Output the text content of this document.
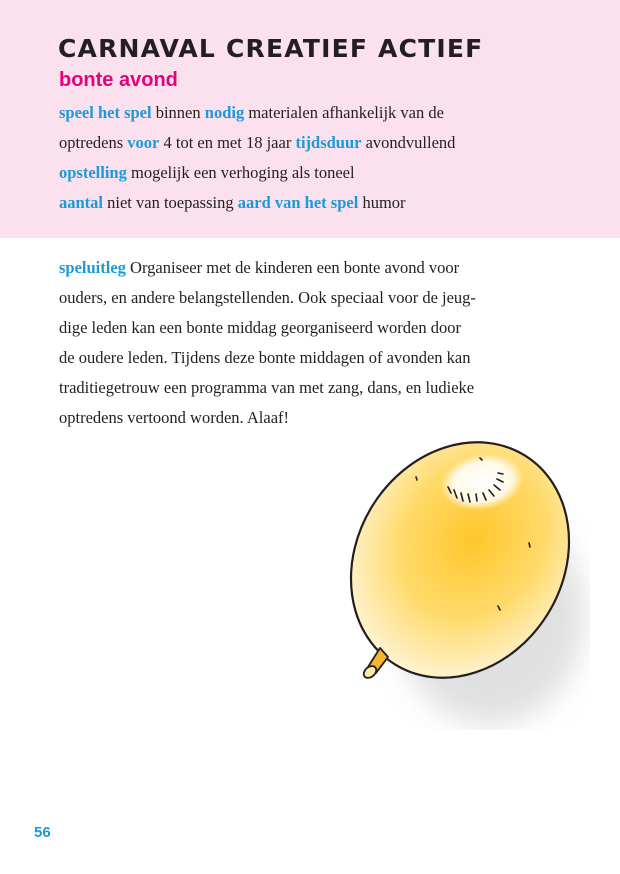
CARNAVAL CREATIEF ACTIEF
bonte avond

speel het spel binnen nodig materialen afhankelijk van de

optredens voor 4 tot en met 18 jaar tijdsduur avondvullend

opstelling mogelijk een verhoging als toneel

aantal niet van toepassing aard van het spel humor

speluitleg Organiseer met de kinderen een bonte avond voor
ouders, en andere belangstellenden. Ook speciaal voor de jeug-
dige leden kan een bonte middag georganiseerd worden door
de oudere leden. Tijdens deze bonte middagen of avonden kan
traditiegetrouw een programma van met zang, dans, en ludieke
optredens vertoond worden. Alaaf!

56
